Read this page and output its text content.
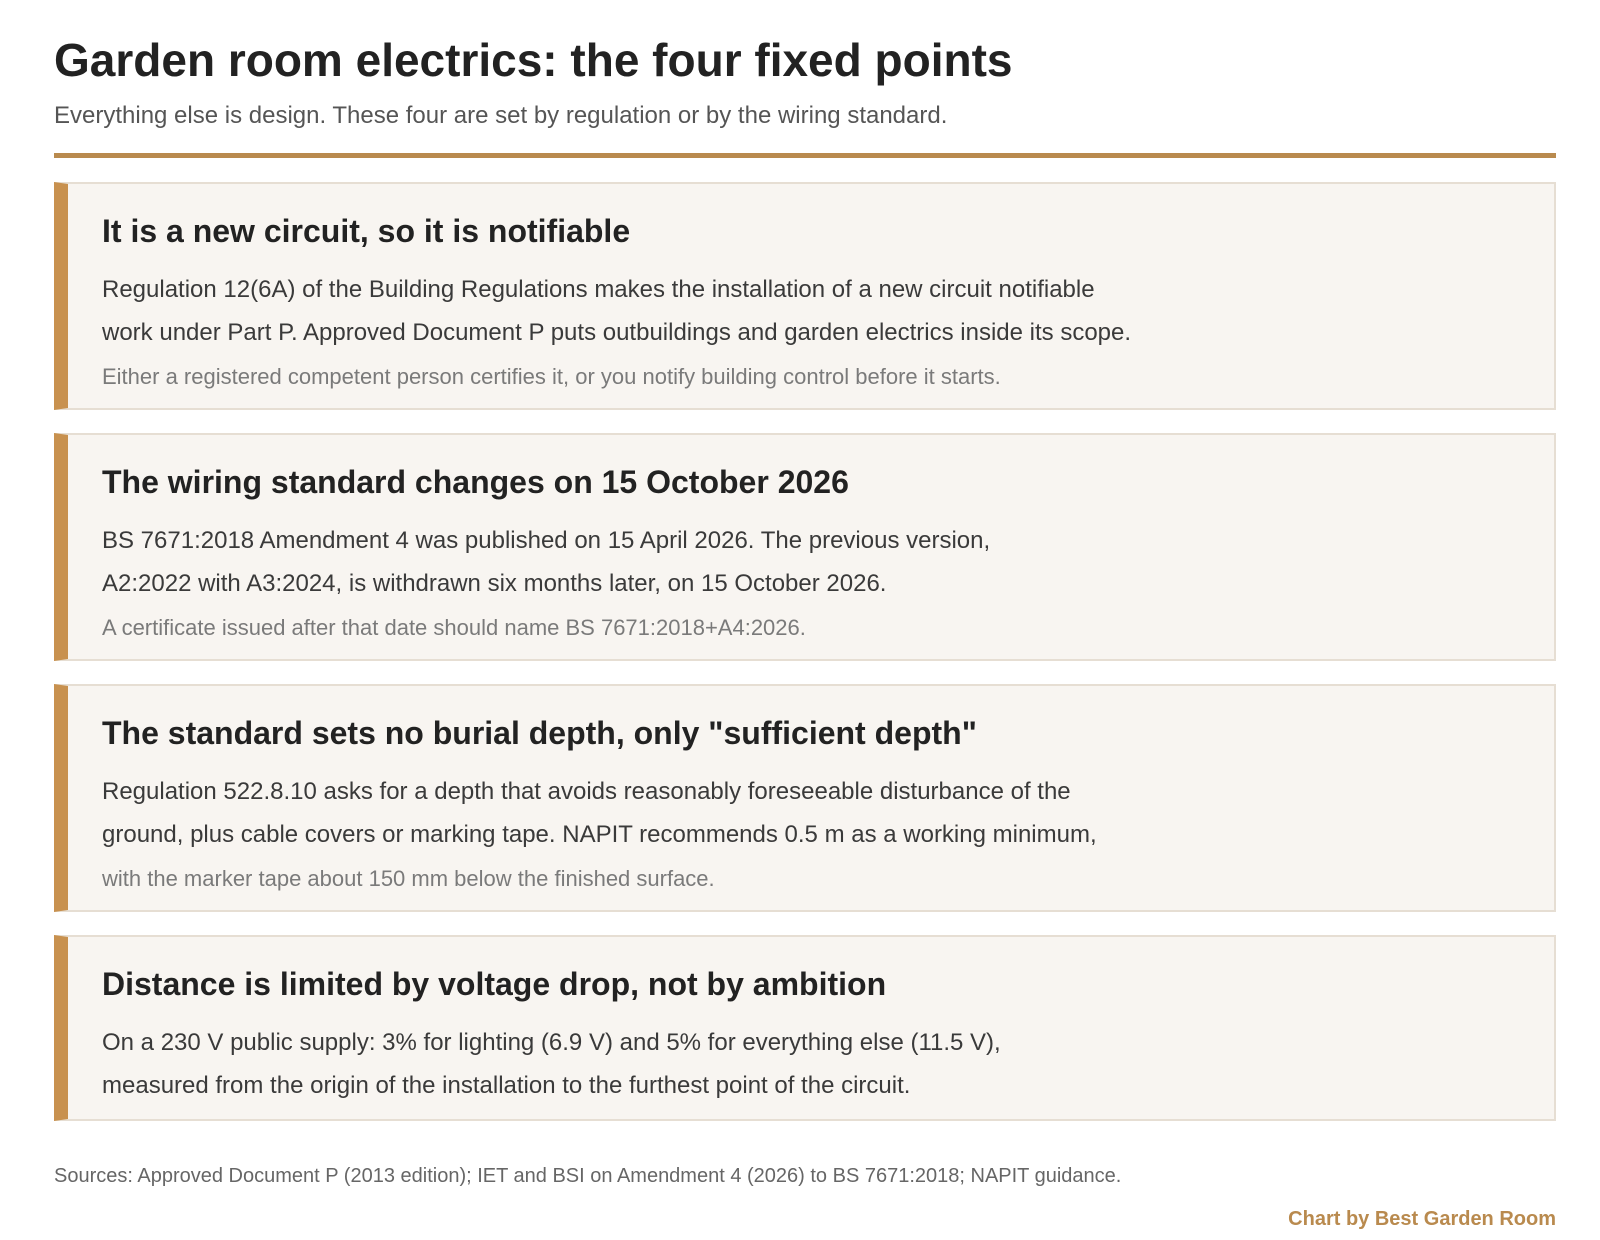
Garden room electrics: the four fixed points

Everything else is design. These four are set by regulation or by the wiring standard.

It is a new circuit, so it is notifiable

Regulation 12(6A) of the Building Regulations makes the installation of a new circuit notifiable

work under Part P. Approved Document P puts outbuildings and garden electrics inside its scope.

Either a registered competent person certifies it, or you notify building control before it starts.

The wiring standard changes on 15 October 2026

BS 7671:2018 Amendment 4 was published on 15 April 2026. The previous version,

A2:2022 with A3:2024, is withdrawn six months later, on 15 October 2026.

A certificate issued after that date should name BS 7671:2018+A4:2026.

The standard sets no burial depth, only "sufficient depth"

Regulation 522.8.10 asks for a depth that avoids reasonably foreseeable disturbance of the

ground, plus cable covers or marking tape. NAPIT recommends 0.5 m as a working minimum,

with the marker tape about 150 mm below the finished surface.

Distance is limited by voltage drop, not by ambition

On a 230 V public supply: 3% for lighting (6.9 V) and 5% for everything else (11.5 V),

measured from the origin of the installation to the furthest point of the circuit.

Sources: Approved Document P (2013 edition); IET and BSI on Amendment 4 (2026) to BS 7671:2018; NAPIT guidance.

Chart by Best Garden Room
